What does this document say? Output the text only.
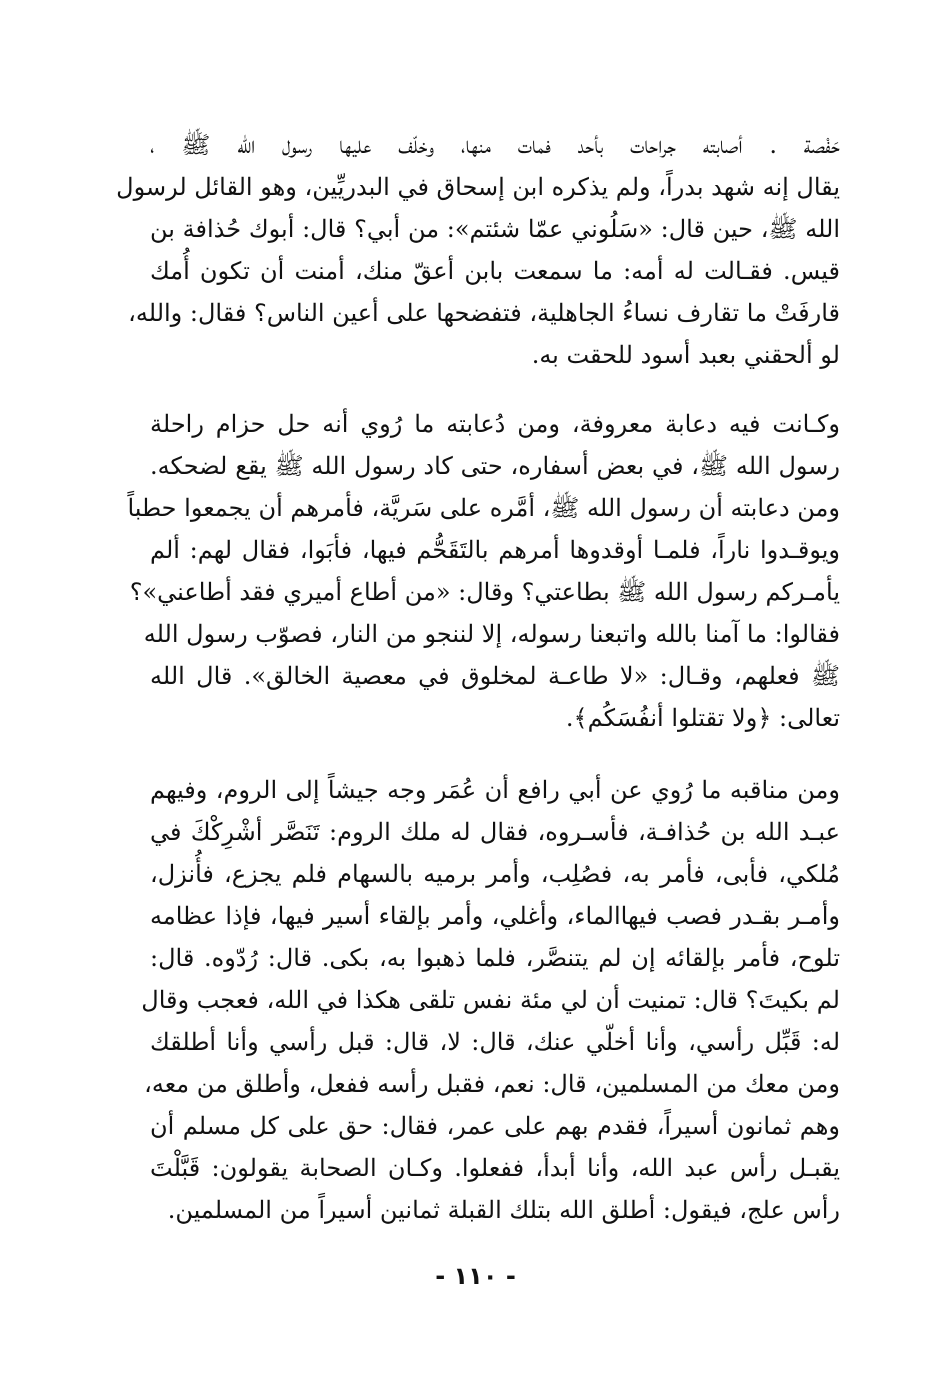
حَفْصة . أصابته جراحات بأحد فمات منها، وخلّف عليها رسول الله ﷺ ،
يقال إنه شهد بدراً، ولم يذكره ابن إسحاق في البدريِّين، وهو القائل لرسول
الله ﷺ، حين قال: «سَلُوني عمّا شئتم»: من أبي؟ قال: أبوك حُذافة بن
قيس. فقـالت له أمه: ما سمعت بابن أعقّ منك، أمنت أن تكون أُمك
قارفَتْ ما تقارف نساءُ الجاهلية، فتفضحها على أعين الناس؟ فقال: والله،
لو ألحقني بعبد أسود للحقت به.
وكـانت فيه دعابة معروفة، ومن دُعابته ما رُوي أنه حل حزام راحلة
رسول الله ﷺ، في بعض أسفاره، حتى كاد رسول الله ﷺ يقع لضحكه.
ومن دعابته أن رسول الله ﷺ، أمَّره على سَريَّة، فأمرهم أن يجمعوا حطباً
ويوقـدوا ناراً، فلمـا أوقدوها أمرهم بالتَقَحُّم فيها، فأبَوا، فقال لهم: ألم
يأمـركم رسول الله ﷺ بطاعتي؟ وقال: «من أطاع أميري فقد أطاعني»؟
فقالوا: ما آمنا بالله واتبعنا رسوله، إلا لننجو من النار، فصوّب رسول الله
ﷺ فعلهم، وقـال: «لا طاعـة لمخلوق في معصية الخالق». قال الله
تعالى: ﴿ولا تقتلوا أنفُسَكُم﴾.
ومن مناقبه ما رُوي عن أبي رافع أن عُمَر وجه جيشاً إلى الروم، وفيهم
عبـد الله بن حُذافـة، فأسـروه، فقال له ملك الروم: تَنَصَّر أشْرِكْكَ في
مُلكي، فأبى، فأمر به، فصُلِب، وأمر برميه بالسهام فلم يجزع، فأُنزل،
وأمـر بقـدر فصب فيهاالماء، وأغلي، وأمر بإلقاء أسير فيها، فإذا عظامه
تلوح، فأمر بإلقائه إن لم يتنصَّر، فلما ذهبوا به، بكى. قال: رُدّوه. قال:
لم بكيتَ؟ قال: تمنيت أن لي مئة نفس تلقى هكذا في الله، فعجب وقال
له: قَبِّل رأسي، وأنا أخلّي عنك، قال: لا، قال: قبل رأسي وأنا أطلقك
ومن معك من المسلمين، قال: نعم، فقبل رأسه ففعل، وأطلق من معه،
وهم ثمانون أسيراً، فقدم بهم على عمر، فقال: حق على كل مسلم أن
يقبـل رأس عبد الله، وأنا أبدأ، ففعلوا. وكـان الصحابة يقولون: قَبَّلْتَ
رأس علج، فيقول: أطلق الله بتلك القبلة ثمانين أسيراً من المسلمين.
- ١١٠ -
